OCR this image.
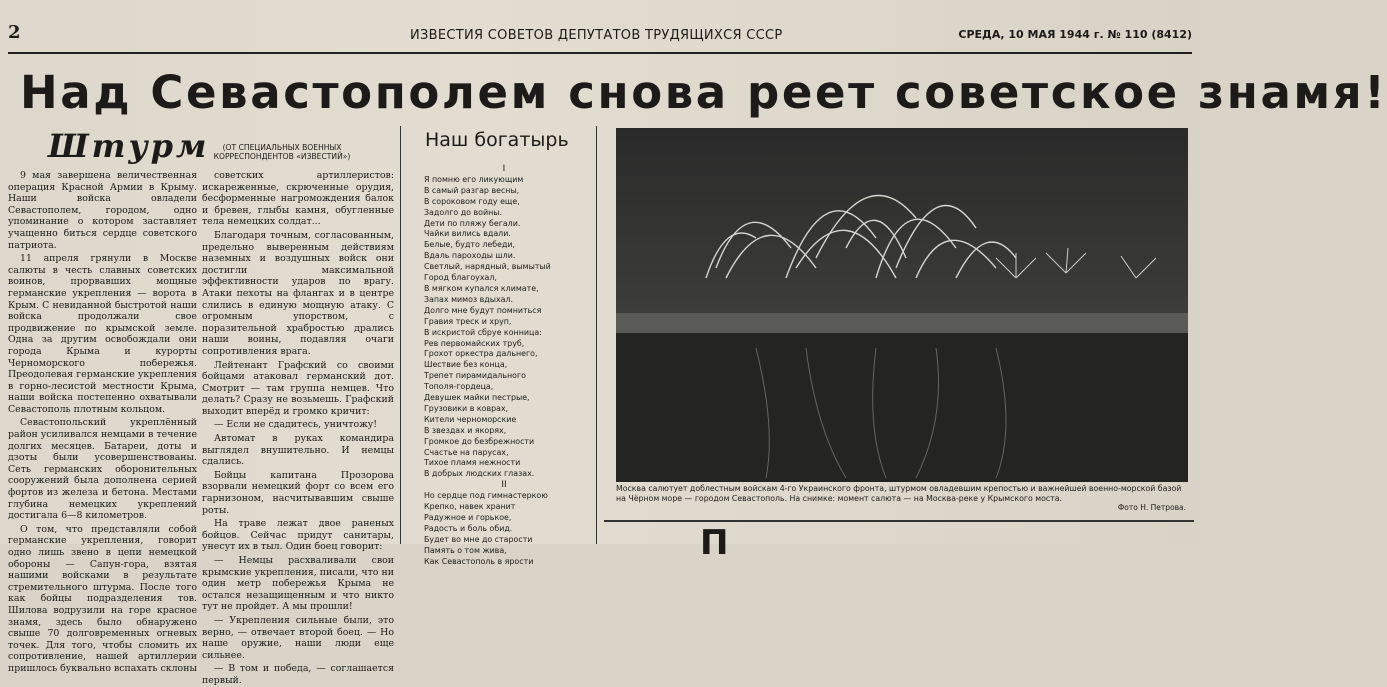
2	ИЗВЕСТИЯ СОВЕТОВ ДЕПУТАТОВ ТРУДЯЩИХСЯ СССР	СРЕДА, 10 МАЯ 1944 г. № 110 (8412)
Над Севастополем снова реет советское знамя!
Штурм	(ОТ СПЕЦИАЛЬНЫХ ВОЕННЫХ КОРРЕСПОНДЕНТОВ «ИЗВЕСТИЙ»)

9 мая завершена величественная операция Красной Армии в Крыму. Наши войска овладели Севастополем, городом, одно упоминание о котором заставляет учащенно биться сердце советского патриота.

11 апреля грянули в Москве салюты в честь славных советских воинов, прорвавших мощные германские укрепления — ворота в Крым. С невиданной быстротой наши войска продолжали свое продвижение по крымской земле. Одна за другим освобождали они города Крыма и курорты Черноморского побережья. Преодолевая германские укрепления в горно-лесистой местности Крыма, наши войска постепенно охватывали Севастополь плотным кольцом.

Севастопольский укреплённый район усиливался немцами в течение долгих месяцев. Батареи, доты и дзоты были усовершенствованы. Сеть германских оборонительных сооружений была дополнена серией фортов из железа и бетона. Местами глубина немецких укреплений достигала 6—8 километров.

О том, что представляли собой германские укрепления, говорит одно лишь звено в цепи немецкой обороны — Сапун-гора, взятая нашими войсками в результате стремительного штурма. После того как бойцы подразделения тов. Шилова водрузили на горе красное знамя, здесь было обнаружено свыше 70 долговременных огневых точек. Для того, чтобы сломить их сопротивление, нашей артиллерии пришлось буквально вспахать склоны

советских артиллеристов: искареженные, скрюченные орудия, бесформенные нагромождения балок и бревен, глыбы камня, обугленные тела немецких солдат...

Благодаря точным, согласованным, предельно выверенным действиям наземных и воздушных войск они достигли максимальной эффективности ударов по врагу. Атаки пехоты на флангах и в центре слились в единую мощную атаку. С огромным упорством, с поразительной храбростью дрались наши воины, подавляя очаги сопротивления врага.

Лейтенант Графский со своими бойцами атаковал германский дот. Смотрит — там группа немцев. Что делать? Сразу не возьмешь. Графский выходит вперёд и громко кричит:

— Если не сдадитесь, уничтожу!

Автомат в руках командира выглядел внушительно. И немцы сдались.

Бойцы капитана Прозорова взорвали немецкий форт со всем его гарнизоном, насчитывавшим свыше роты.

На траве лежат двое раненых бойцов. Сейчас придут санитары, унесут их в тыл. Один боец говорит:

— Немцы расхваливали свои крымские укрепления, писали, что ни один метр побережья Крыма не остался незащищенным и что никто тут не пройдет. А мы прошли!

— Укрепления сильные были, это верно, — отвечает второй боец. — Но наше оружие, наши люди еще сильнее.

— В том и победа, — соглашается первый.

Наш богатырь
I
Я помню его ликующим
В самый разгар весны,
В сороковом году еще,
Задолго до войны.
Дети по пляжу бегали.
Чайки вились вдали.
Белые, будто лебеди,
Вдаль пароходы шли.
Светлый, нарядный, вымытый
Город благоухал,
В мягком купался климате,
Запах мимоз вдыхал.
Долго мне будут помниться
Гравия треск и хруп,
В искристой сбруе конница:
Рев первомайских труб,
Грохот оркестра дальнего,
Шествие без конца,
Трепет пирамидального
Тополя-гордеца,
Девушек майки пестрые,
Грузовики в коврах,
Кители черноморские
В звездах и якорях,
Громкое до безбрежности
Счастье на парусах,
Тихое пламя нежности
В добрых людских глазах.
II
Но сердце под гимнастеркою
Крепко, навек хранит
Радужное и горькое,
Радость и боль обид.
Будет во мне до старости
Память о том жива,
Как Севастополь в ярости
Москва салютует доблестным войскам 4-го Украинского фронта, штурмом овладевшим крепостью и важнейшей военно-морской базой на Чёрном море — городом Севастополь. На снимке: момент салюта — на Москва-реке у Крымского моста.
Фото Н. Петрова.
П
